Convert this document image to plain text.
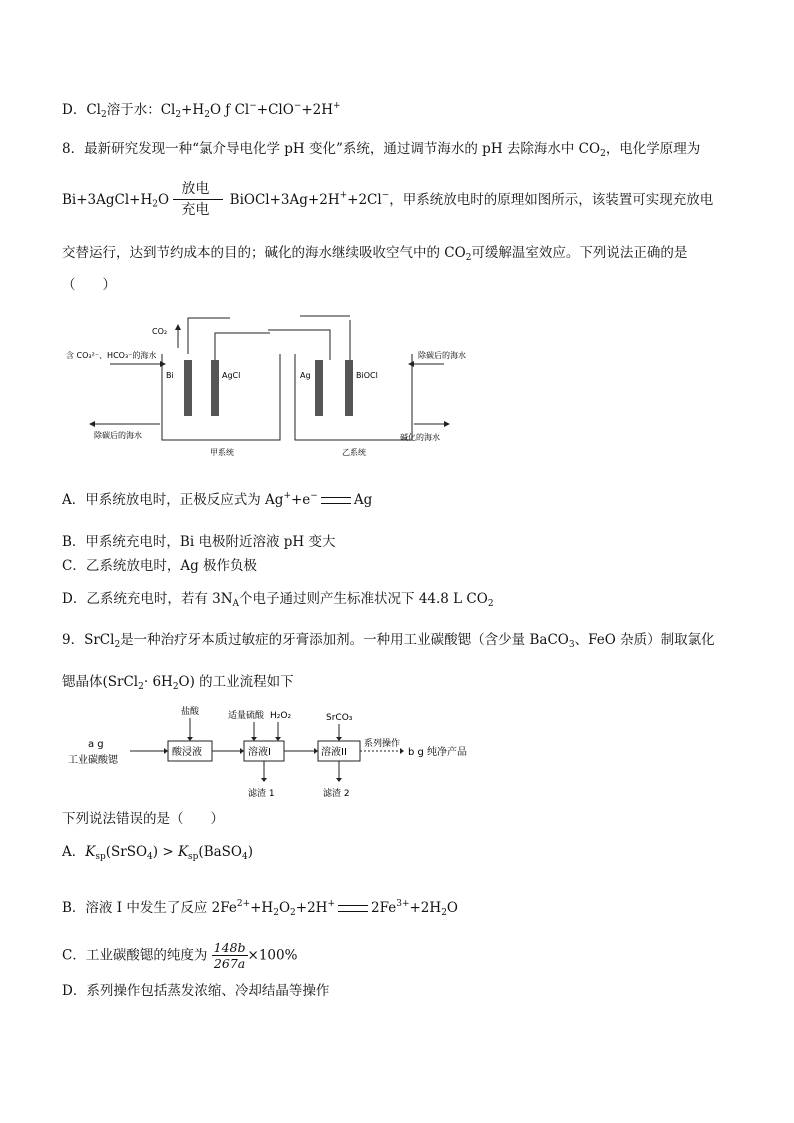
D．$Cl_2$溶于水：$Cl_2+H_2O$ ƒ Cl−+ClO−+2H+
8．最新研究发现一种“氯介导电化学 pH 变化”系统，通过调节海水的 pH 去除海水中 $CO_2$，电化学原理为
$Bi+3AgCl+H_2O$
放电
充电
BiOCl+3Ag+2H++2Cl−，甲系统放电时的原理如图所示，该装置可实现充放电
交替运行，达到节约成本的目的；碱化的海水继续吸收空气中的 $CO_2$可缓解温室效应。下列说法正确的是
（　　）
CO₂
含 CO₃²⁻、HCO₃⁻的海水
除碳后的海水
Bi	AgCl	Ag	BiOCl
除碳后的海水
碱化的海水
甲系统	乙系统
A．甲系统放电时，正极反应式为 Ag++e−	Ag
B．甲系统充电时，Bi 电极附近溶液 pH 变大
C．乙系统放电时，Ag 极作负极
D．乙系统充电时，若有 $3N_A$个电子通过则产生标准状况下 44.8 L $CO_2$
9．SrCl$_2$是一种治疗牙本质过敏症的牙膏添加剂。一种用工业碳酸锶（含少量 BaCO$_3$、FeO 杂质）制取氯化
锶晶体(SrCl$_2$· $6H_2O$) 的工业流程如下
a g
工业碳酸锶
盐酸
酸浸液
适量硫酸 H₂O₂
溶液I
SrCO₃
溶液II
系列操作
b g 纯净产品
滤渣 1	滤渣 2
下列说法错误的是（　　）
A．$K_{sp}(SrSO_4)$ > $K_{sp}(BaSO_4)$
B．溶液 I 中发生了反应 $2Fe^{2+}+H_2O_2+2H^+$	$2Fe^{3+}+2H_2O$
C．工业碳酸锶的纯度为 $\frac{148b}{267a} \times 100\%$
D．系列操作包括蒸发浓缩、冷却结晶等操作
